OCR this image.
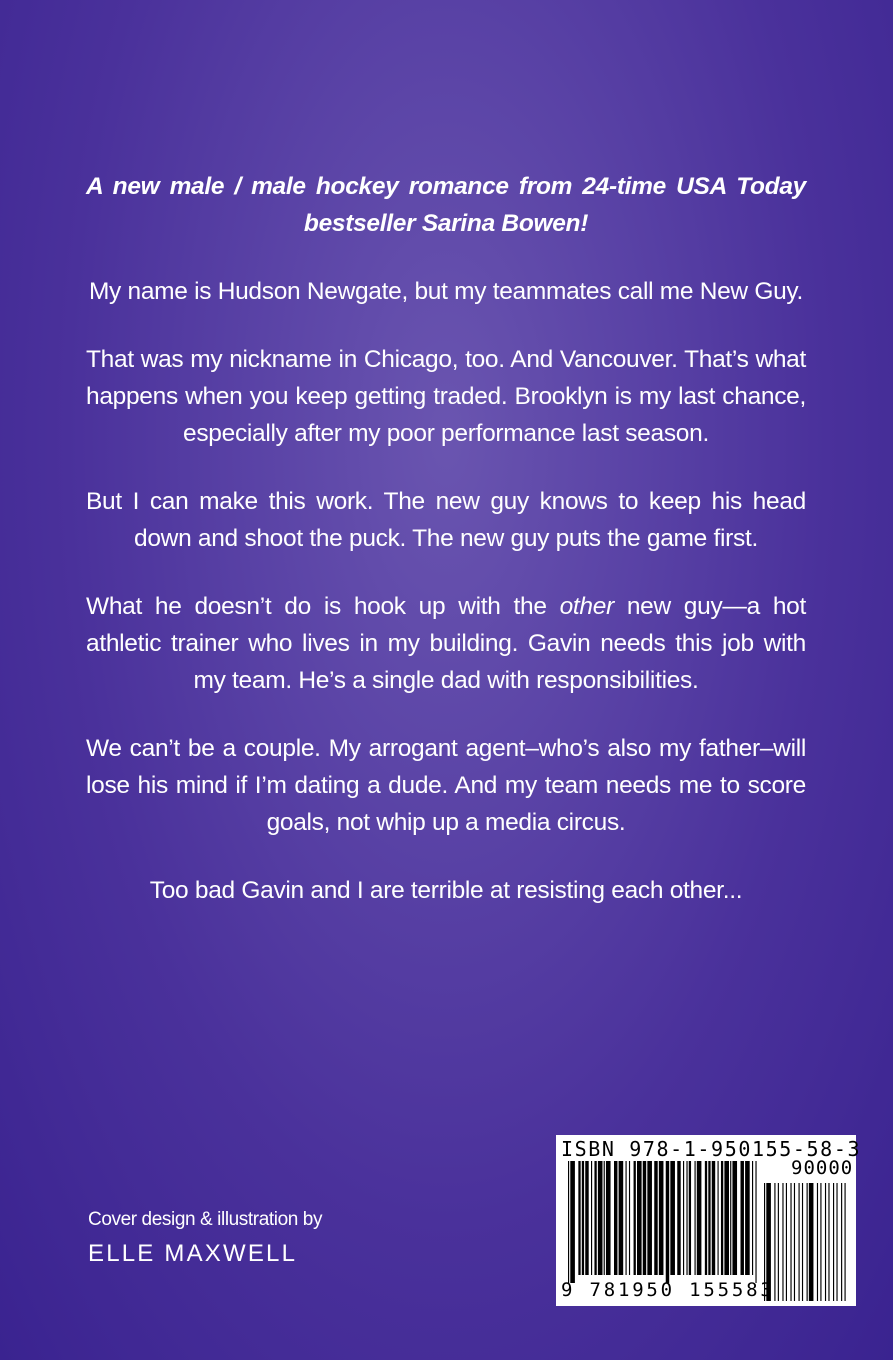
A new male / male hockey romance from 24-time USA Today bestseller Sarina Bowen!

My name is Hudson Newgate, but my teammates call me New Guy.

That was my nickname in Chicago, too. And Vancouver. That’s what happens when you keep getting traded. Brooklyn is my last chance, especially after my poor performance last season.

But I can make this work. The new guy knows to keep his head down and shoot the puck. The new guy puts the game first.

What he doesn’t do is hook up with the other new guy—a hot athletic trainer who lives in my building. Gavin needs this job with my team. He’s a single dad with responsibilities.

We can’t be a couple. My arrogant agent–who’s also my father–will lose his mind if I’m dating a dude. And my team needs me to score goals, not whip up a media circus.

Too bad Gavin and I are terrible at resisting each other...

Cover design & illustration by
ELLE MAXWELL
ISBN 978-1-950155-58-3
90000
9 781950 155583
